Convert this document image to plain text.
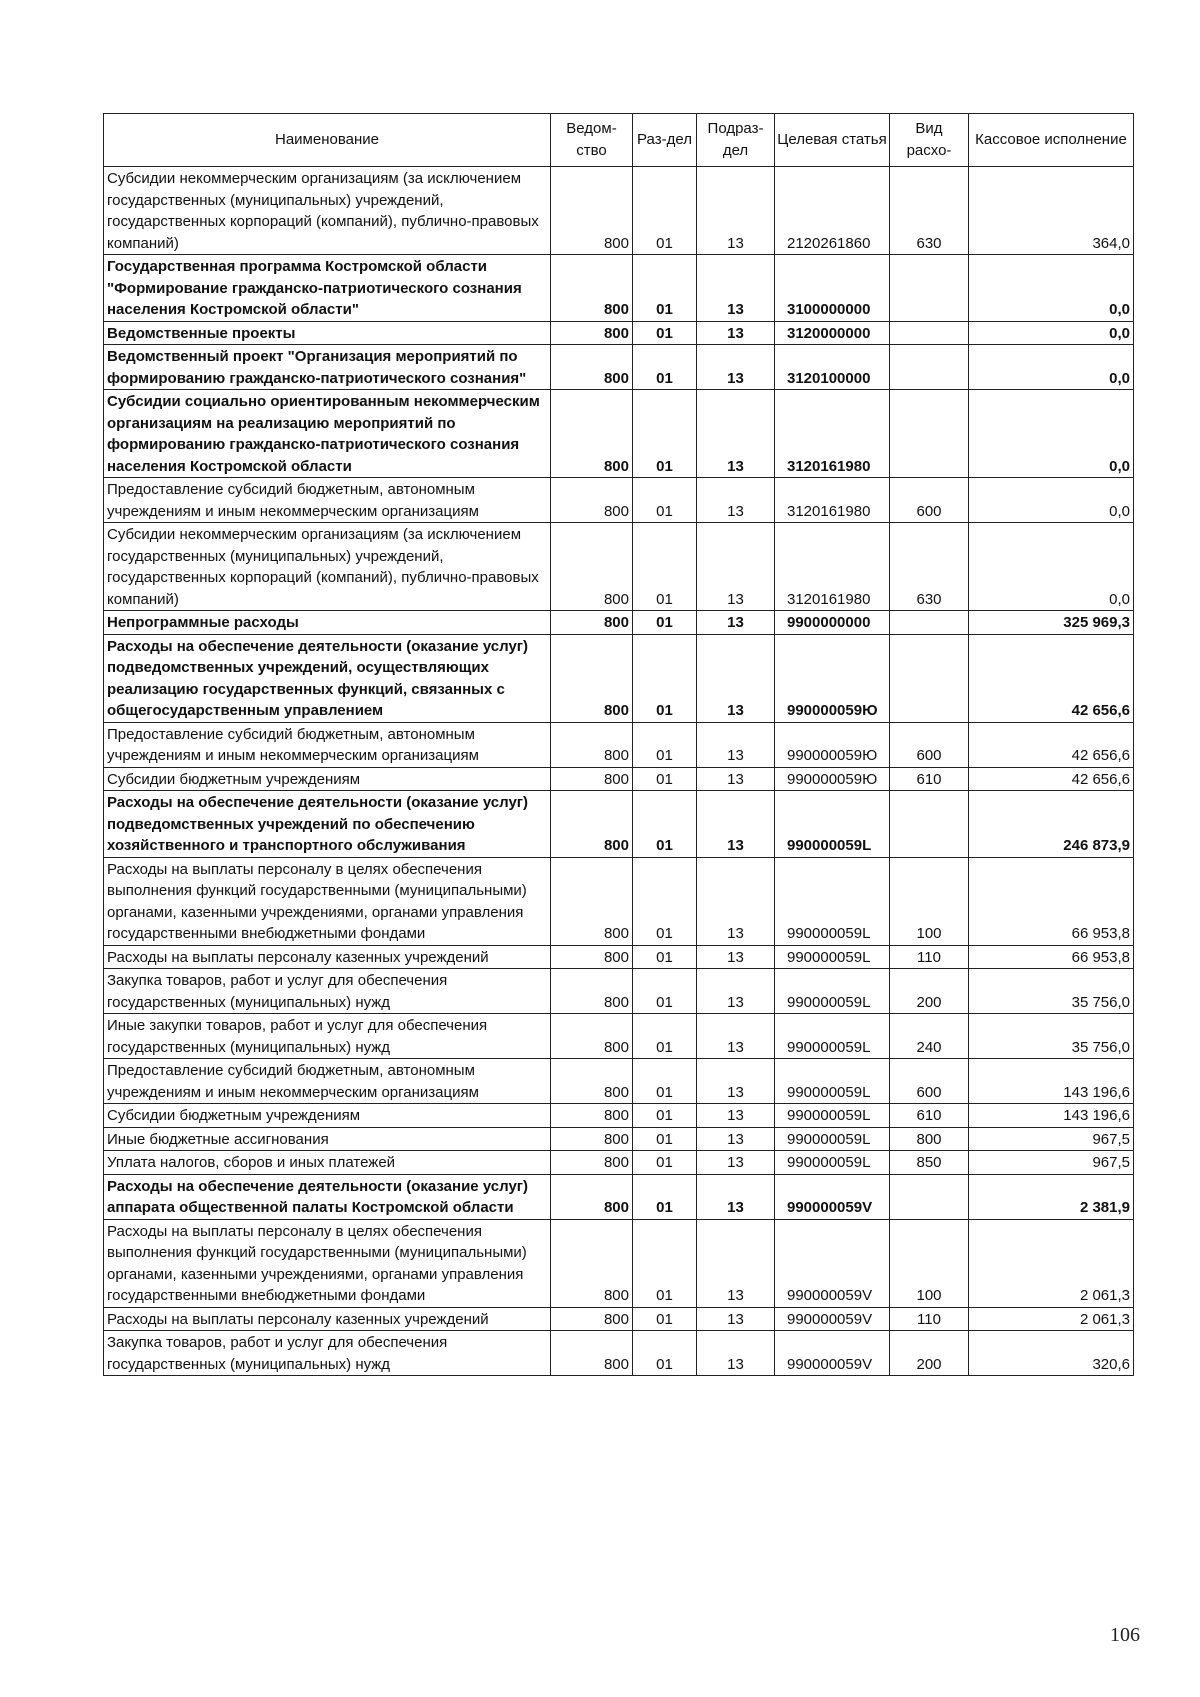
Наименование	Ведом-ство	Раз-дел	Подраз-дел	Целевая статья	Вид расхо-	Кассовое исполнение
Субсидии некоммерческим организациям (за исключением государственных (муниципальных) учреждений, государственных корпораций (компаний), публично-правовых компаний)	800	01	13	2120261860	630	364,0
Государственная программа Костромской области "Формирование гражданско-патриотического сознания населения Костромской области"	800	01	13	3100000000		0,0
Ведомственные проекты	800	01	13	3120000000		0,0
Ведомственный проект "Организация мероприятий по формированию гражданско-патриотического сознания"	800	01	13	3120100000		0,0
Субсидии социально ориентированным некоммерческим организациям на реализацию мероприятий по формированию гражданско-патриотического сознания населения Костромской области	800	01	13	3120161980		0,0
Предоставление субсидий бюджетным, автономным учреждениям и иным некоммерческим организациям	800	01	13	3120161980	600	0,0
Субсидии некоммерческим организациям (за исключением государственных (муниципальных) учреждений, государственных корпораций (компаний), публично-правовых компаний)	800	01	13	3120161980	630	0,0
Непрограммные расходы	800	01	13	9900000000		325 969,3
Расходы на обеспечение деятельности (оказание услуг) подведомственных учреждений, осуществляющих реализацию государственных функций, связанных с общегосударственным управлением	800	01	13	990000059Ю		42 656,6
Предоставление субсидий бюджетным, автономным учреждениям и иным некоммерческим организациям	800	01	13	990000059Ю	600	42 656,6
Субсидии бюджетным учреждениям	800	01	13	990000059Ю	610	42 656,6
Расходы на обеспечение деятельности (оказание услуг) подведомственных учреждений по обеспечению хозяйственного и транспортного обслуживания	800	01	13	990000059L		246 873,9
Расходы на выплаты персоналу в целях обеспечения выполнения функций государственными (муниципальными) органами, казенными учреждениями, органами управления государственными внебюджетными фондами	800	01	13	990000059L	100	66 953,8
Расходы на выплаты персоналу казенных учреждений	800	01	13	990000059L	110	66 953,8
Закупка товаров, работ и услуг для обеспечения государственных (муниципальных) нужд	800	01	13	990000059L	200	35 756,0
Иные закупки товаров, работ и услуг для обеспечения государственных (муниципальных) нужд	800	01	13	990000059L	240	35 756,0
Предоставление субсидий бюджетным, автономным учреждениям и иным некоммерческим организациям	800	01	13	990000059L	600	143 196,6
Субсидии бюджетным учреждениям	800	01	13	990000059L	610	143 196,6
Иные бюджетные ассигнования	800	01	13	990000059L	800	967,5
Уплата налогов, сборов и иных платежей	800	01	13	990000059L	850	967,5
Расходы на обеспечение деятельности (оказание услуг) аппарата общественной палаты Костромской области	800	01	13	990000059V		2 381,9
Расходы на выплаты персоналу в целях обеспечения выполнения функций государственными (муниципальными) органами, казенными учреждениями, органами управления государственными внебюджетными фондами	800	01	13	990000059V	100	2 061,3
Расходы на выплаты персоналу казенных учреждений	800	01	13	990000059V	110	2 061,3
Закупка товаров, работ и услуг для обеспечения государственных (муниципальных) нужд	800	01	13	990000059V	200	320,6
106
